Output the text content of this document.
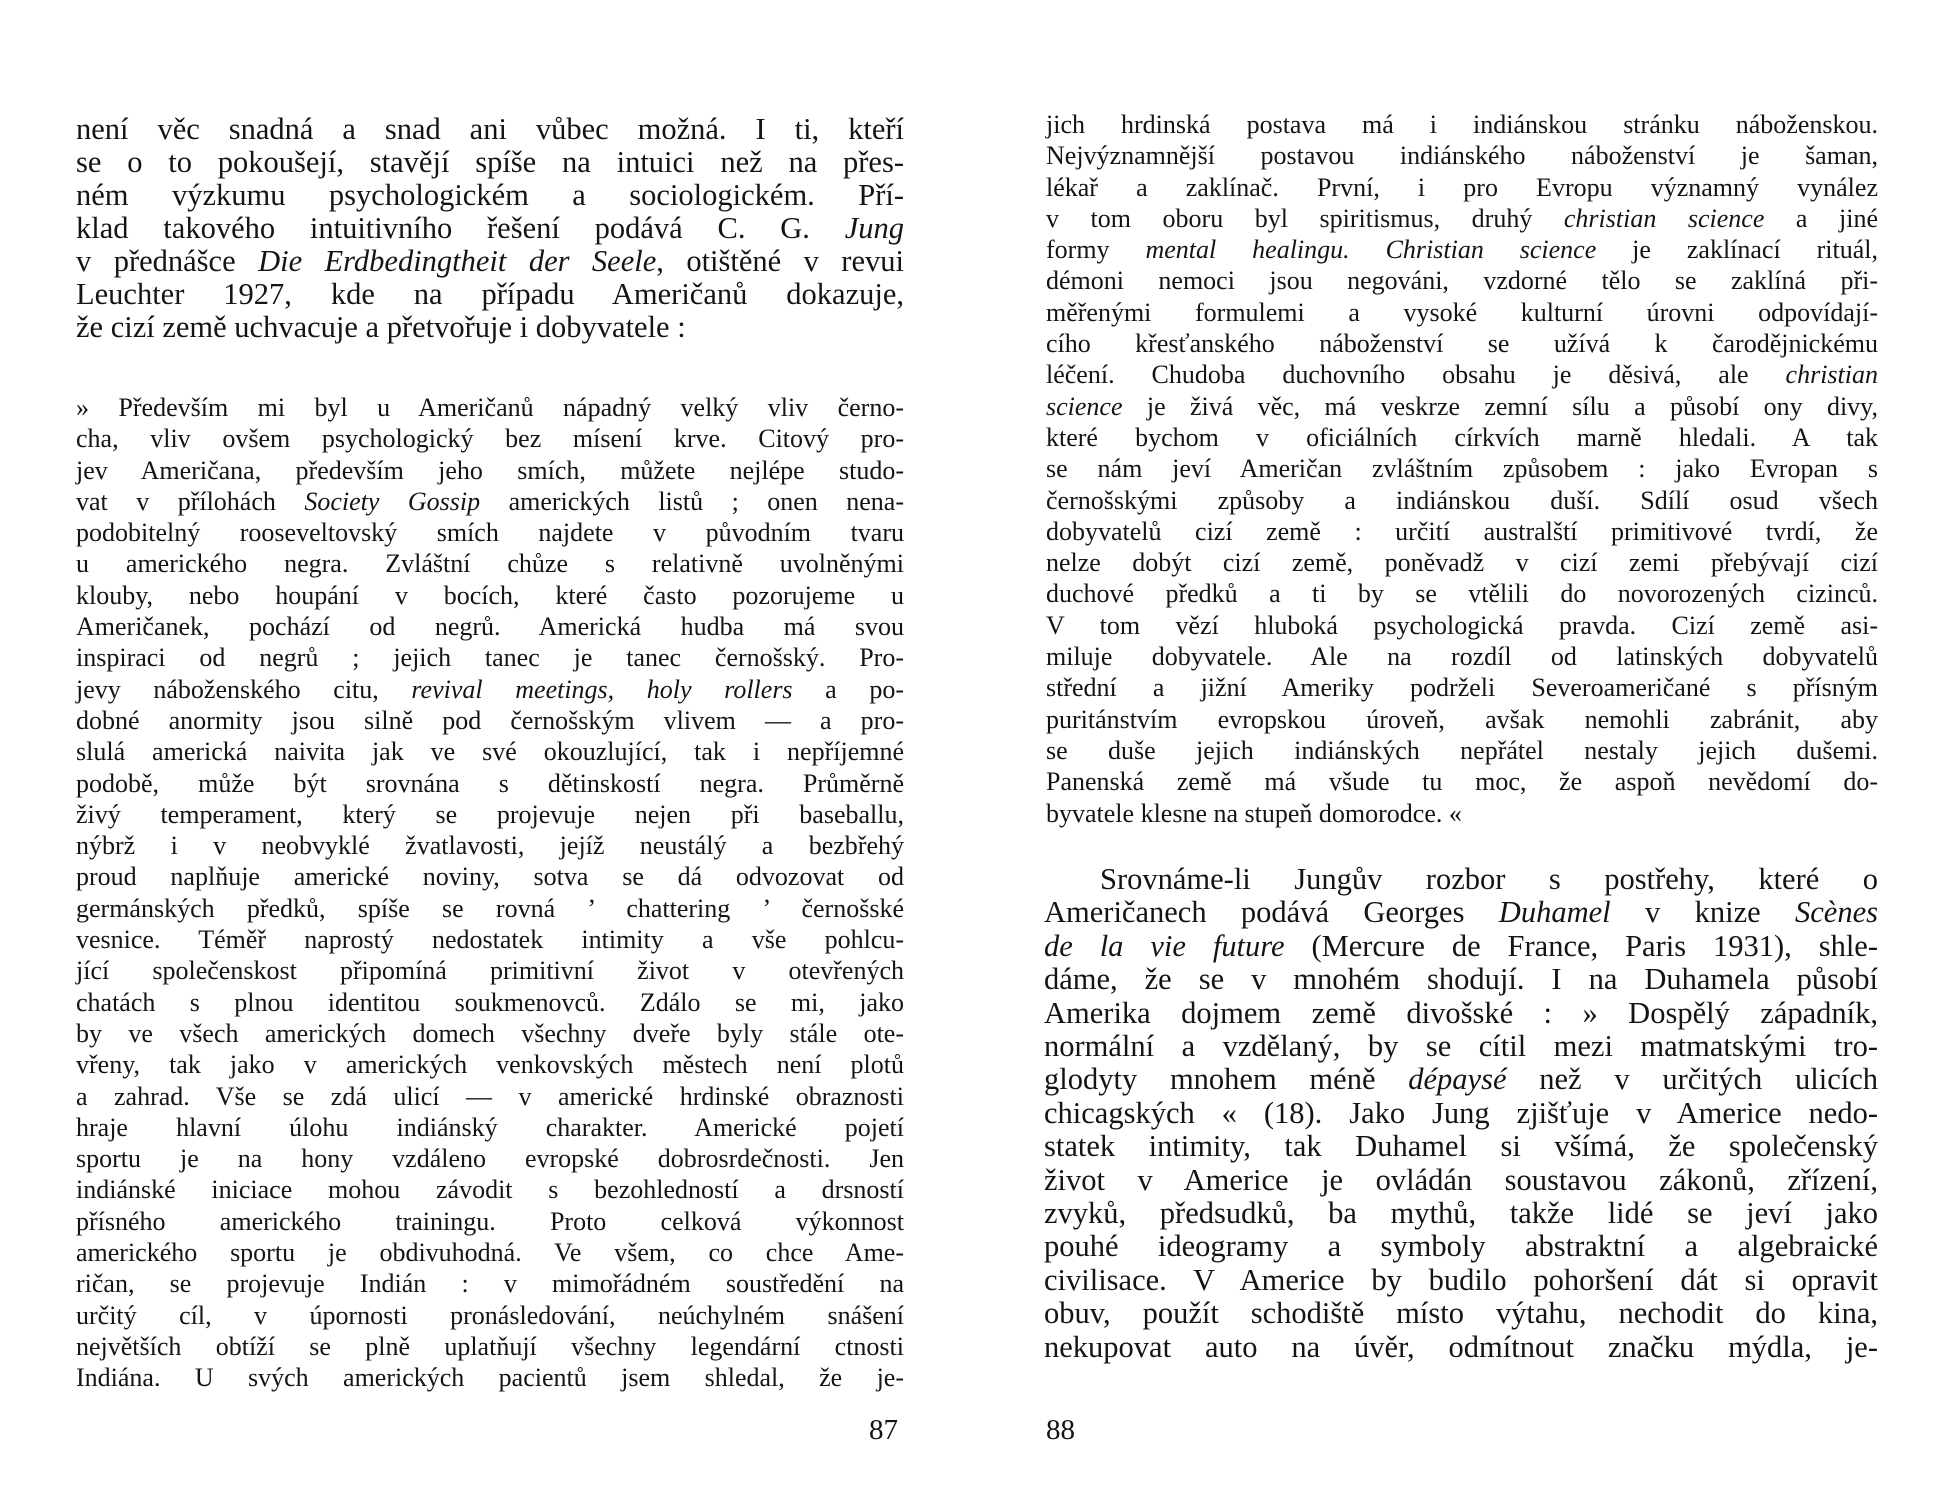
není věc snadná a snad ani vůbec možná. I ti, kteří
se o to pokoušejí, stavějí spíše na intuici než na přes-
ném výzkumu psychologickém a sociologickém. Pří-
klad takového intuitivního řešení podává C. G. Jung
v přednášce Die Erdbedingtheit der Seele, otištěné v revui
Leuchter 1927, kde na případu Američanů dokazuje,
že cizí země uchvacuje a přetvořuje i dobyvatele :
» Především mi byl u Američanů nápadný velký vliv černo-
cha, vliv ovšem psychologický bez mísení krve. Citový pro-
jev Američana, především jeho smích, můžete nejlépe studo-
vat v přílohách Society Gossip amerických listů ; onen nena-
podobitelný rooseveltovský smích najdete v původním tvaru
u amerického negra. Zvláštní chůze s relativně uvolněnými
klouby, nebo houpání v bocích, které často pozorujeme u
Američanek, pochází od negrů. Americká hudba má svou
inspiraci od negrů ; jejich tanec je tanec černošský. Pro-
jevy náboženského citu, revival meetings, holy rollers a po-
dobné anormity jsou silně pod černošským vlivem — a pro-
slulá americká naivita jak ve své okouzlující, tak i nepříjemné
podobě, může být srovnána s dětinskostí negra. Průměrně
živý temperament, který se projevuje nejen při baseballu,
nýbrž i v neobvyklé žvatlavosti, jejíž neustálý a bezbřehý
proud naplňuje americké noviny, sotva se dá odvozovat od
germánských předků, spíše se rovná ’ chattering ’ černošské
vesnice. Téměř naprostý nedostatek intimity a vše pohlcu-
jící společenskost připomíná primitivní život v otevřených
chatách s plnou identitou soukmenovců. Zdálo se mi, jako
by ve všech amerických domech všechny dveře byly stále ote-
vřeny, tak jako v amerických venkovských městech není plotů
a zahrad. Vše se zdá ulicí — v americké hrdinské obraznosti
hraje hlavní úlohu indiánský charakter. Americké pojetí
sportu je na hony vzdáleno evropské dobrosrdečnosti. Jen
indiánské iniciace mohou závodit s bezohledností a drsností
přísného amerického trainingu. Proto celková výkonnost
amerického sportu je obdivuhodná. Ve všem, co chce Ame-
ričan, se projevuje Indián : v mimořádném soustředění na
určitý cíl, v úpornosti pronásledování, neúchylném snášení
největších obtíží se plně uplatňují všechny legendární ctnosti
Indiána. U svých amerických pacientů jsem shledal, že je-
87
jich hrdinská postava má i indiánskou stránku náboženskou.
Nejvýznamnější postavou indiánského náboženství je šaman,
lékař a zaklínač. První, i pro Evropu významný vynález
v tom oboru byl spiritismus, druhý christian science a jiné
formy mental healingu. Christian science je zaklínací rituál,
démoni nemoci jsou negováni, vzdorné tělo se zaklíná při-
měřenými formulemi a vysoké kulturní úrovni odpovídají-
cího křesťanského náboženství se užívá k čarodějnickému
léčení. Chudoba duchovního obsahu je děsivá, ale christian
science je živá věc, má veskrze zemní sílu a působí ony divy,
které bychom v oficiálních církvích marně hledali. A tak
se nám jeví Američan zvláštním způsobem : jako Evropan s
černošskými způsoby a indiánskou duší. Sdílí osud všech
dobyvatelů cizí země : určití australští primitivové tvrdí, že
nelze dobýt cizí země, poněvadž v cizí zemi přebývají cizí
duchové předků a ti by se vtělili do novorozených cizinců.
V tom vězí hluboká psychologická pravda. Cizí země asi-
miluje dobyvatele. Ale na rozdíl od latinských dobyvatelů
střední a jižní Ameriky podrželi Severoameričané s přísným
puritánstvím evropskou úroveň, avšak nemohli zabránit, aby
se duše jejich indiánských nepřátel nestaly jejich dušemi.
Panenská země má všude tu moc, že aspoň nevědomí do-
byvatele klesne na stupeň domorodce. «
Srovnáme-li Jungův rozbor s postřehy, které o
Američanech podává Georges Duhamel v knize Scènes
de la vie future (Mercure de France, Paris 1931), shle-
dáme, že se v mnohém shodují. I na Duhamela působí
Amerika dojmem země divošské : » Dospělý západník,
normální a vzdělaný, by se cítil mezi matmatskými tro-
glodyty mnohem méně dépaysé než v určitých ulicích
chicagských « (18). Jako Jung zjišťuje v Americe nedo-
statek intimity, tak Duhamel si všímá, že společenský
život v Americe je ovládán soustavou zákonů, zřízení,
zvyků, předsudků, ba mythů, takže lidé se jeví jako
pouhé ideogramy a symboly abstraktní a algebraické
civilisace. V Americe by budilo pohoršení dát si opravit
obuv, použít schodiště místo výtahu, nechodit do kina,
nekupovat auto na úvěr, odmítnout značku mýdla, je-
88
